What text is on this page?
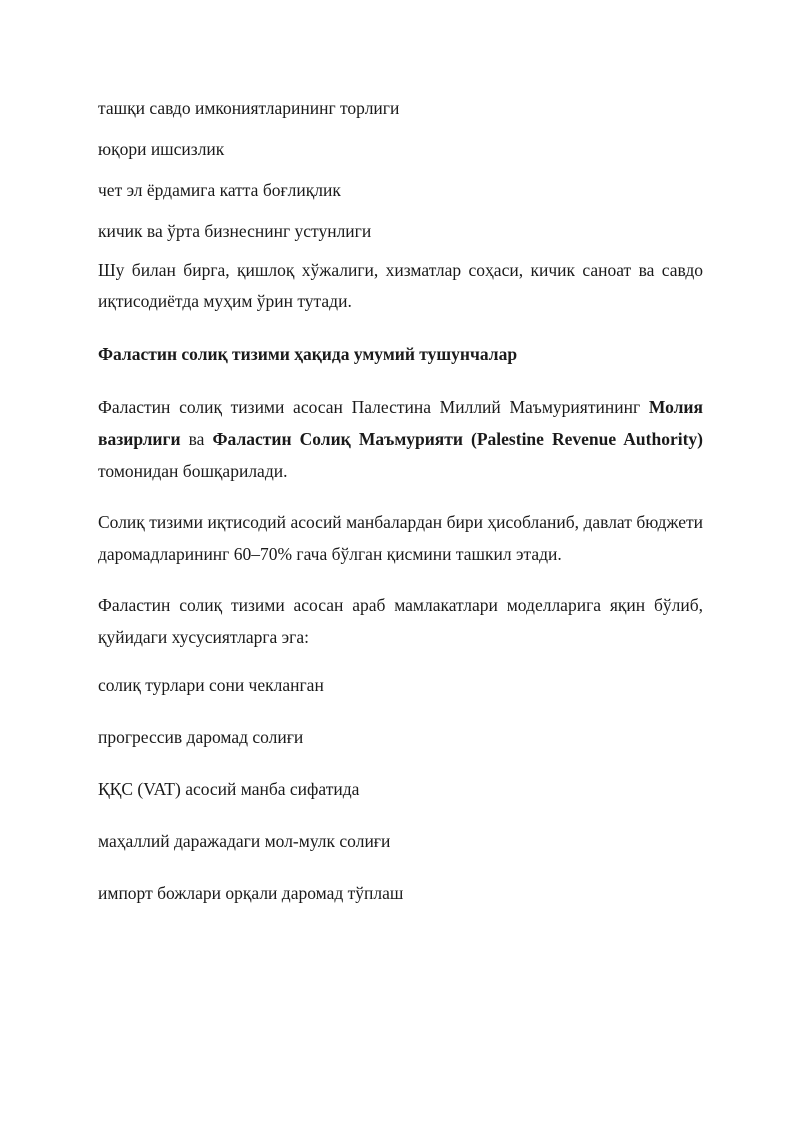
ташқи савдо имкониятларининг торлиги

юқори ишсизлик

чет эл ёрдамига катта боғлиқлик

кичик ва ўрта бизнеснинг устунлиги

Шу билан бирга, қишлоқ хўжалиги, хизматлар соҳаси, кичик саноат ва савдо иқтисодиётда муҳим ўрин тутади.

Фаластин солиқ тизими ҳақида умумий тушунчалар

Фаластин солиқ тизими асосан Палестина Миллий Маъмуриятининг Молия вазирлиги ва Фаластин Солиқ Маъмурияти (Palestine Revenue Authority) томонидан бошқарилади.

Солиқ тизими иқтисодий асосий манбалардан бири ҳисобланиб, давлат бюджети даромадларининг 60–70% гача бўлган қисмини ташкил этади.

Фаластин солиқ тизими асосан араб мамлакатлари моделларига яқин бўлиб, қуйидаги хусусиятларга эга:

солиқ турлари сони чекланган

прогрессив даромад солиғи

ҚҚС (VAT) асосий манба сифатида

маҳаллий даражадаги мол-мулк солиғи

импорт божлари орқали даромад тўплаш
